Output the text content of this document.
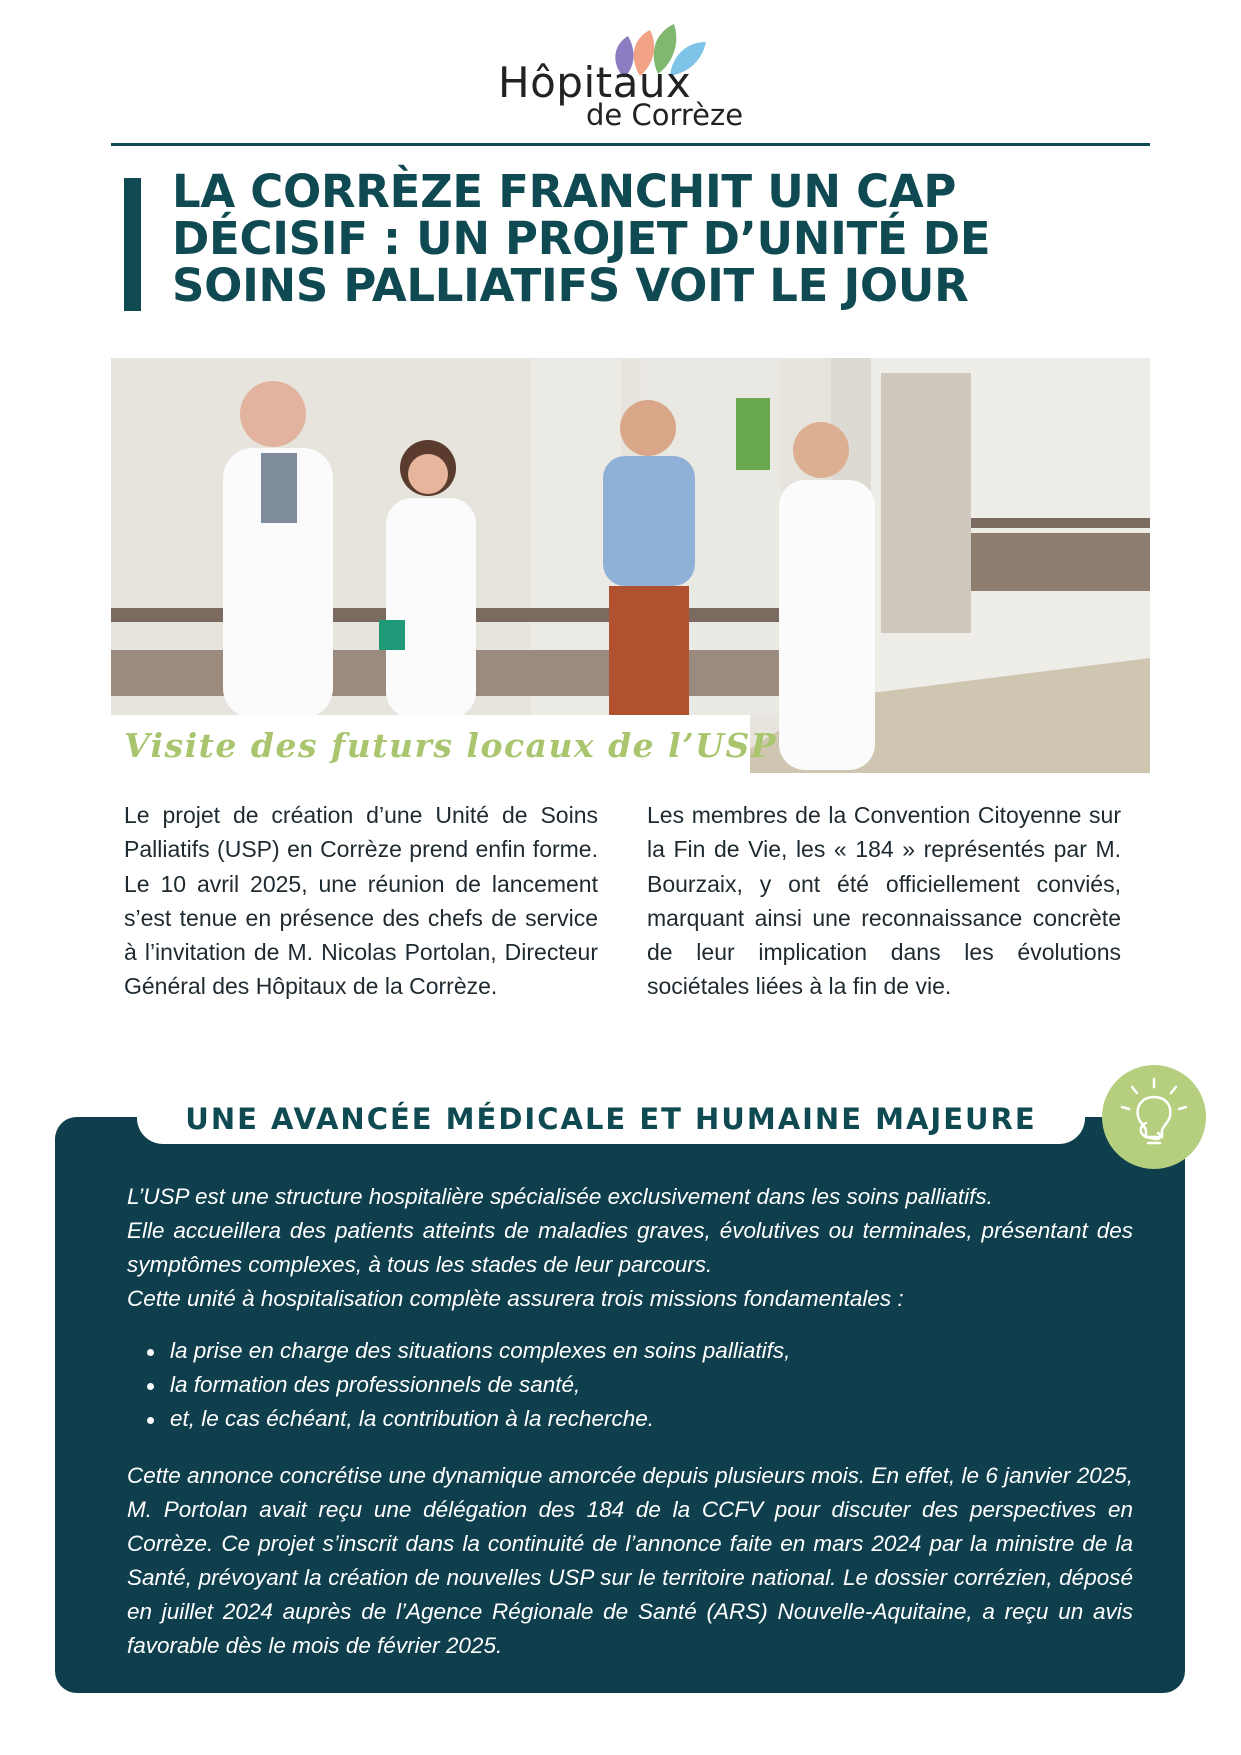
Hôpitaux
de Corrèze
LA CORRÈZE FRANCHIT UN CAP DÉCISIF : UN PROJET D’UNITÉ DE SOINS PALLIATIFS VOIT LE JOUR
Visite des futurs locaux de l’USP

Le projet de création d’une Unité de Soins Palliatifs (USP) en Corrèze prend enfin forme. Le 10 avril 2025, une réunion de lancement s’est tenue en présence des chefs de service à l’invitation de M. Nicolas Portolan, Directeur Général des Hôpitaux de la Corrèze.

Les membres de la Convention Citoyenne sur la Fin de Vie, les « 184 » représentés par M. Bourzaix, y ont été officiellement conviés, marquant ainsi une reconnaissance concrète de leur implication dans les évolutions sociétales liées à la fin de vie.

UNE AVANCÉE MÉDICALE ET HUMAINE MAJEURE

L’USP est une structure hospitalière spécialisée exclusivement dans les soins palliatifs.
Elle accueillera des patients atteints de maladies graves, évolutives ou terminales, présentant des symptômes complexes, à tous les stades de leur parcours.
Cette unité à hospitalisation complète assurera trois missions fondamentales :

la prise en charge des situations complexes en soins palliatifs,
la formation des professionnels de santé,
et, le cas échéant, la contribution à la recherche.

Cette annonce concrétise une dynamique amorcée depuis plusieurs mois. En effet, le 6 janvier 2025, M. Portolan avait reçu une délégation des 184 de la CCFV pour discuter des perspectives en Corrèze. Ce projet s’inscrit dans la continuité de l’annonce faite en mars 2024 par la ministre de la Santé, prévoyant la création de nouvelles USP sur le territoire national. Le dossier corrézien, déposé en juillet 2024 auprès de l’Agence Régionale de Santé (ARS) Nouvelle-Aquitaine, a reçu un avis favorable dès le mois de février 2025.
